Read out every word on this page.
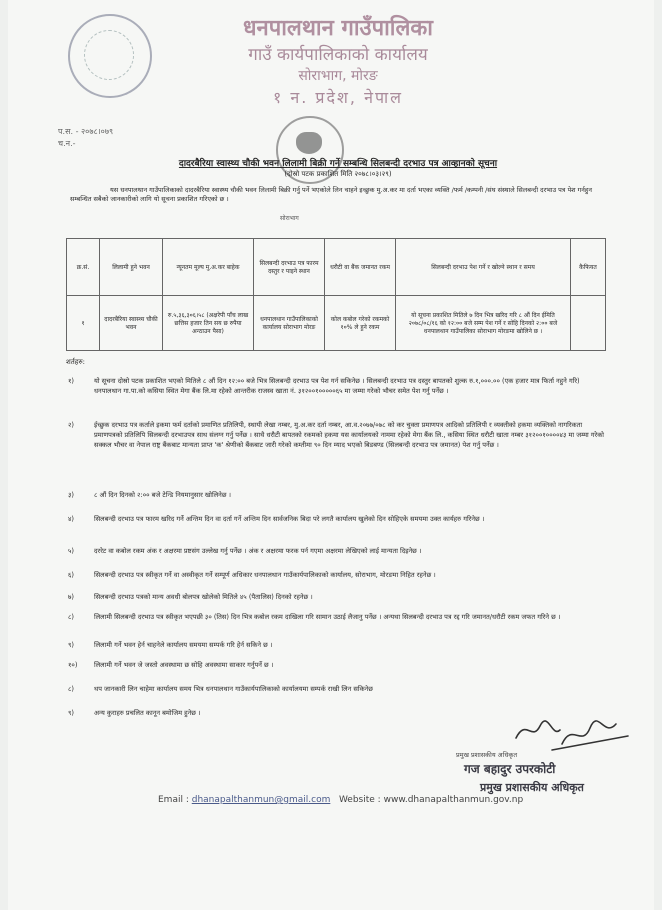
धनपालथान गाउँपालिका
गाउँ कार्यपालिकाको कार्यालय
सोराभाग, मोरङ
१ न. प्रदेश, नेपाल
प.स. - २०७८।०७९
च.न.-
दादरबैरिया स्वास्थ्य चौकी भवन लिलामी बिक्री गर्ने सम्बन्धि सिलबन्दी दरभाउ पत्र आव्हानको सूचना
(दोस्रो पटक प्रकाशित मिति २०७८।०३।२९)
यस धनपालथान गाउँपालिकाको दादरबैरिया स्वास्थ्य चौकी भवन लिलामी बिक्री गर्नु पर्ने भएकोले लिन चाहने इच्छुक मु.अ.कर मा दर्ता भएका व्यक्ति /फर्म /कम्पनी /संघ संस्थाले सिलबन्दी दरभाउ पत्र पेश गर्नहुन सम्बन्धित सबैको जानकारीको लागि यो सूचना प्रकाशित गरिएको छ ।
सोराभाग
क्र.सं.	लिलामी हुने भवन	न्यूनतम मूल्य मु.अ.कर बाहेक	सिलबन्दी दरभाउ पत्र फारम दस्तुर र पाइने स्थान	धरौटी वा बैंक जमानत रकम	सिलबन्दी दरभाउ पेश गर्ने र खोल्ने स्थान र समय	कैफियत
१	दादरबैरिया स्वास्थ्य चौकी भवन	रु.५,३६,३०६।५८ (अक्षरेपी पाँच लाख छत्तिस हजार तिन सय छ रुपैया अन्ठाउन पैसा)	धनपालथान गाउँपालिकाको कार्यालय सोराभाग मोरङ	कोल कबोल गरेको रकमको १०% ले हुने रकम	यो सूचना प्रकाशित मितिले ७ दिन भित्र खरिद गरि ८ औं दिन ईमिति २०७८/०८/१६ को १२:०० बजे सम्म पेश गर्ने र सोहि दिनको २:०० बजे धनपालथान गाउँपालिका सोराभाग मोरङमा खोलिने छ ।	
शर्तहरु:
१)	यो सूचना दोस्रो पटक प्रकाशित भएको मितिले ८ औं दिन १२:०० बजे भित्र सिलबन्दी दरभाउ पत्र पेश गर्न सकिनेछ । सिलबन्दी दरभाउ पत्र दस्तुर बापतको शुल्क रु.१,०००.०० (एक हजार मात्र फिर्ता नहुने गरि) धनपालथान गा.पा.को कसिया स्थित मेगा बैंक लि.मा रहेको आन्तरीक राजस्व खाता नं. ३१२००१०००००६५ मा जम्मा गरेको भौचर समेत पेश गर्नु पर्नेछ ।
२)	ईच्छुक दरभाउ पत्र कर्ताले इकमा फर्म दर्ताको प्रमाणित प्रतिलिपी, स्थायी लेखा नम्बर, मु.अ.कर दर्ता नम्बर, आ.व.२०७७/०७८ को कर चुक्ता प्रमाणपत्र आदिको प्रतिलिपी र व्यक्तीको हकमा व्यक्तिको नागरिकता प्रमाणपत्रको प्रतिलिपि सिलबन्दी दरभाउपत्र साथ संलग्न गर्नु पर्नेछ । साथै धरौटी बापतको रकमको हकमा यस कार्यालयको नाममा रहेको मेगा बैंक लि., कसिया स्थित धरौटी खाता नम्बर ३१२००१००००४३ मा जम्मा गरेको सक्कल भौचर वा नेपाल राष्ट्र बैंकबाट मान्यता प्राप्त 'क' श्रेणीको बैंकबाट जारी गरेको कम्तीमा ९० दिन म्याद भएको बिडबण्ड (सिलबन्दी दरभाउ पत्र जमानत) पेश गर्नु पर्नेछ ।
३)	८ औं दिन दिनको २:०० बजे टेन्डि नियमानुसार खोलिनेछ ।
४)	सिलबन्दी दरभाउ पत्र फारम खरिद गर्ने अन्तिम दिन वा दर्ता गर्ने अन्तिम दिन सार्वजनिक बिदा परे लगतै कार्यालय खुलेको दिन सोहिएके समयमा उक्त कार्यहरु गरिनेछ ।
५)	दररेट वा कबोल रकम अंक र अक्षरमा प्रष्टसंग उल्लेख गर्नु पर्नेछ । अंक र अक्षरमा फरक पर्न गएमा अक्षरमा लेखिएको लाई मान्यता दिइनेछ ।
६)	सिलबन्दी दरभाउ पत्र स्वीकृत गर्ने वा अस्वीकृत गर्ने सम्पूर्ण अधिकार धनपालथान गाउँकार्यपालिकाको कार्यालय, सोराभाग, मोरङमा निहित रहनेछ ।
७)	सिलबन्दी दरभाउ पत्रको मान्य अवधी बोलपत्र खोलेको मितिले ४५ (पैतालिस) दिनको रहनेछ ।
८)	लिलामी सिलबन्दी दरभाउ पत्र स्वीकृत भएपछी ३० (तिस) दिन भित्र कबोल रकम दाखिला गरि सामान उठाई लैजानु पर्नेछ । अन्यथा सिलबन्दी दरभाउ पत्र रद्द गरि जमानत/धरौटी रकम जफत गरिने छ ।
९)	लिलामी गर्ने भवन हेर्न चाहनेले कार्यालय समयमा सम्पर्क गरि हेर्न सकिने छ ।
१०)	लिलामी गर्ने भवन जे जस्तो अवस्थामा छ सोहि अवस्थामा साकार गर्नुपर्ने छ ।
८)	थप जानकारी लिन चाहेमा कार्यालय समय भित्र धनपालथान गाउँकार्यपालिकाको कार्यालयमा सम्पर्क राखी लिन सकिनेछ
९)	अन्य कुराहरु प्रचलित कानून बमोजिम हुनेछ ।
प्रमुख प्रशासकीय अधिकृत
गज बहादुर उपरकोटी
प्रमुख प्रशासकीय अधिकृत
Email : dhanapalthanmun@gmail.com Website : www.dhanapalthanmun.gov.np
